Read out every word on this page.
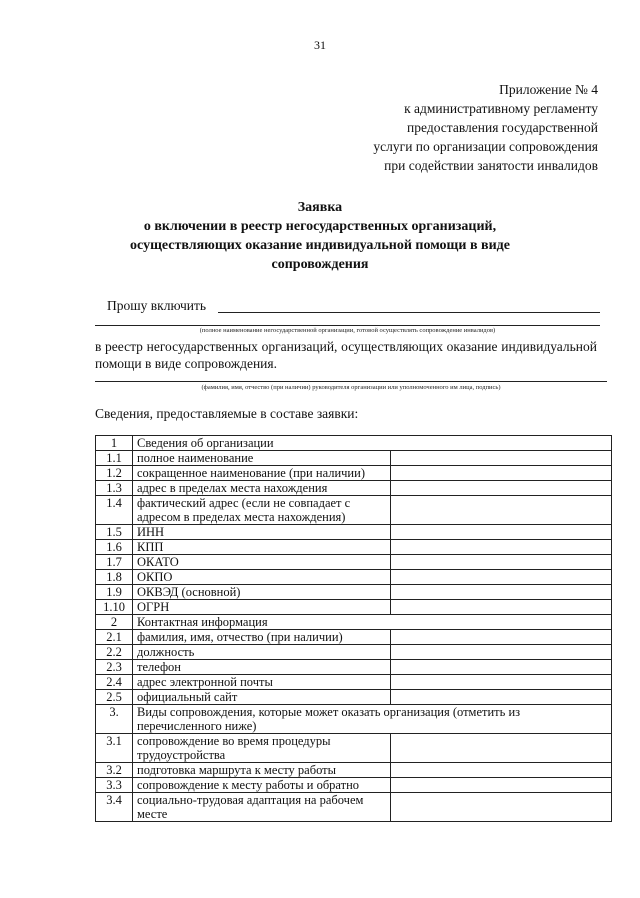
31
Приложение № 4
к административному регламенту
предоставления государственной
услуги по организации сопровождения
при содействии занятости инвалидов
Заявка
о включении в реестр негосударственных организаций,
осуществляющих оказание индивидуальной помощи в виде
сопровождения
Прошу включить
(полное наименование негосударственной организации, готовой осуществлять сопровождение инвалидов)
в реестр негосударственных организаций, осуществляющих оказание индивидуальной помощи в виде сопровождения.
(фамилия, имя, отчество (при наличии) руководителя организации или уполномоченного им лица, подпись)
Сведения, предоставляемые в составе заявки:
1	Сведения об организации	
1.1	полное наименование	
1.2	сокращенное наименование (при наличии)	
1.3	адрес в пределах места нахождения	
1.4	фактический адрес (если не совпадает с адресом в пределах места нахождения)	
1.5	ИНН	
1.6	КПП	
1.7	ОКАТО	
1.8	ОКПО	
1.9	ОКВЭД (основной)	
1.10	ОГРН	
2	Контактная информация	
2.1	фамилия, имя, отчество (при наличии)	
2.2	должность	
2.3	телефон	
2.4	адрес электронной почты	
2.5	официальный сайт	
3.	Виды сопровождения, которые может оказать организация (отметить из перечисленного ниже)	
3.1	сопровождение во время процедуры трудоустройства	
3.2	подготовка маршрута к месту работы	
3.3	сопровождение к месту работы и обратно	
3.4	социально-трудовая адаптация на рабочем месте	
